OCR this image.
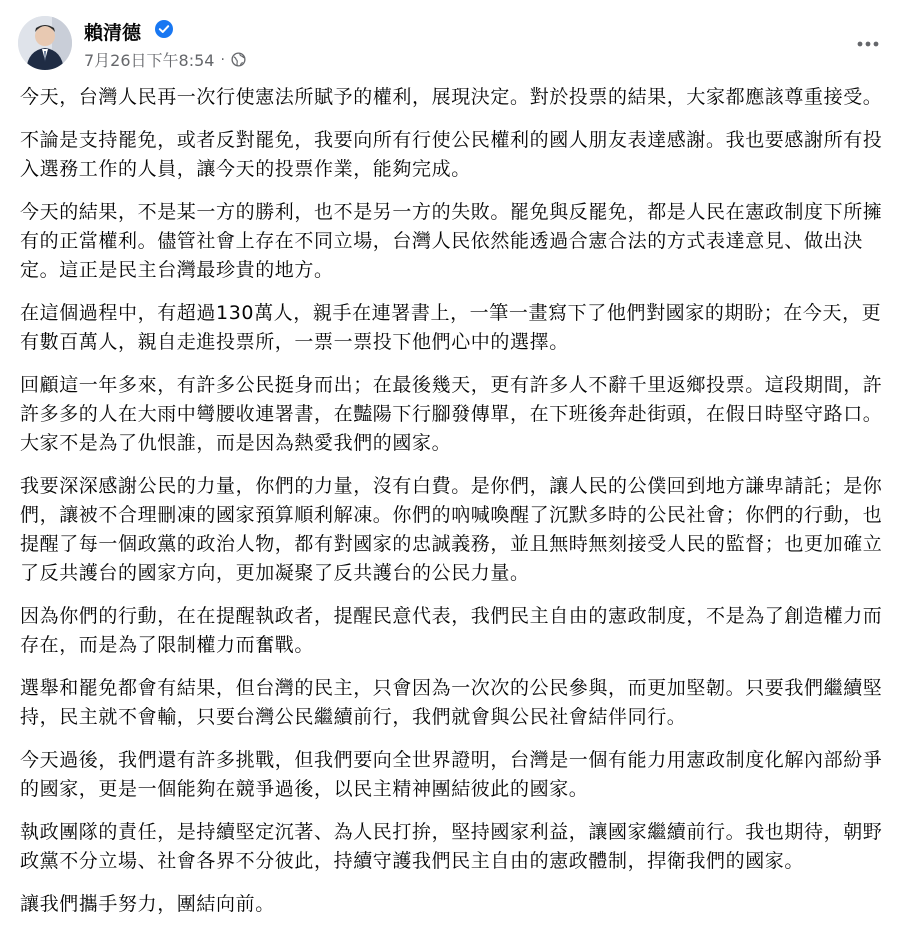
賴清德
7月26日下午8:54 ·

今天，台灣人民再一次行使憲法所賦予的權利，展現決定。對於投票的結果，大家都應該尊重接受。

不論是支持罷免，或者反對罷免，我要向所有行使公民權利的國人朋友表達感謝。我也要感謝所有投入選務工作的人員，讓今天的投票作業，能夠完成。

今天的結果，不是某一方的勝利，也不是另一方的失敗。罷免與反罷免，都是人民在憲政制度下所擁有的正當權利。儘管社會上存在不同立場，台灣人民依然能透過合憲合法的方式表達意見、做出決定。這正是民主台灣最珍貴的地方。

在這個過程中，有超過130萬人，親手在連署書上，一筆一畫寫下了他們對國家的期盼；在今天，更有數百萬人，親自走進投票所，一票一票投下他們心中的選擇。

回顧這一年多來，有許多公民挺身而出；在最後幾天，更有許多人不辭千里返鄉投票。這段期間，許許多多的人在大雨中彎腰收連署書，在豔陽下行腳發傳單，在下班後奔赴街頭，在假日時堅守路口。大家不是為了仇恨誰，而是因為熱愛我們的國家。

我要深深感謝公民的力量，你們的力量，沒有白費。是你們，讓人民的公僕回到地方謙卑請託；是你們，讓被不合理刪凍的國家預算順利解凍。你們的吶喊喚醒了沉默多時的公民社會；你們的行動，也提醒了每一個政黨的政治人物，都有對國家的忠誠義務，並且無時無刻接受人民的監督；也更加確立了反共護台的國家方向，更加凝聚了反共護台的公民力量。

因為你們的行動，在在提醒執政者，提醒民意代表，我們民主自由的憲政制度，不是為了創造權力而存在，而是為了限制權力而奮戰。

選舉和罷免都會有結果，但台灣的民主，只會因為一次次的公民參與，而更加堅韌。只要我們繼續堅持，民主就不會輸，只要台灣公民繼續前行，我們就會與公民社會結伴同行。

今天過後，我們還有許多挑戰，但我們要向全世界證明，台灣是一個有能力用憲政制度化解內部紛爭的國家，更是一個能夠在競爭過後，以民主精神團結彼此的國家。

執政團隊的責任，是持續堅定沉著、為人民打拚，堅持國家利益，讓國家繼續前行。我也期待，朝野政黨不分立場、社會各界不分彼此，持續守護我們民主自由的憲政體制，捍衛我們的國家。

讓我們攜手努力，團結向前。
